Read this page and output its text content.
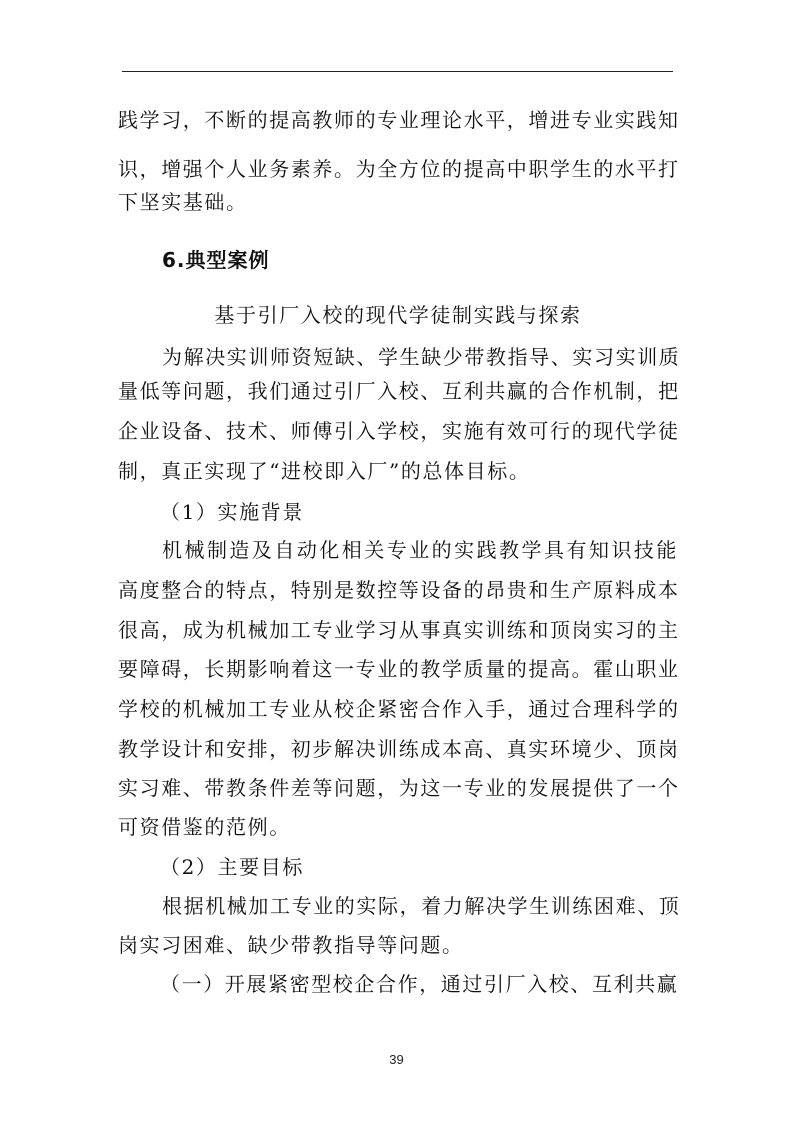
践学习，不断的提高教师的专业理论水平，增进专业实践知
识，增强个人业务素养。为全方位的提高中职学生的水平打
下坚实基础。
6.典型案例
基于引厂入校的现代学徒制实践与探索
为解决实训师资短缺、学生缺少带教指导、实习实训质
量低等问题，我们通过引厂入校、互利共赢的合作机制，把
企业设备、技术、师傅引入学校，实施有效可行的现代学徒
制，真正实现了“进校即入厂”的总体目标。
（1）实施背景
机械制造及自动化相关专业的实践教学具有知识技能
高度整合的特点，特别是数控等设备的昂贵和生产原料成本
很高，成为机械加工专业学习从事真实训练和顶岗实习的主
要障碍，长期影响着这一专业的教学质量的提高。霍山职业
学校的机械加工专业从校企紧密合作入手，通过合理科学的
教学设计和安排，初步解决训练成本高、真实环境少、顶岗
实习难、带教条件差等问题，为这一专业的发展提供了一个
可资借鉴的范例。
（2）主要目标
根据机械加工专业的实际，着力解决学生训练困难、顶
岗实习困难、缺少带教指导等问题。
（一）开展紧密型校企合作，通过引厂入校、互利共赢
39
